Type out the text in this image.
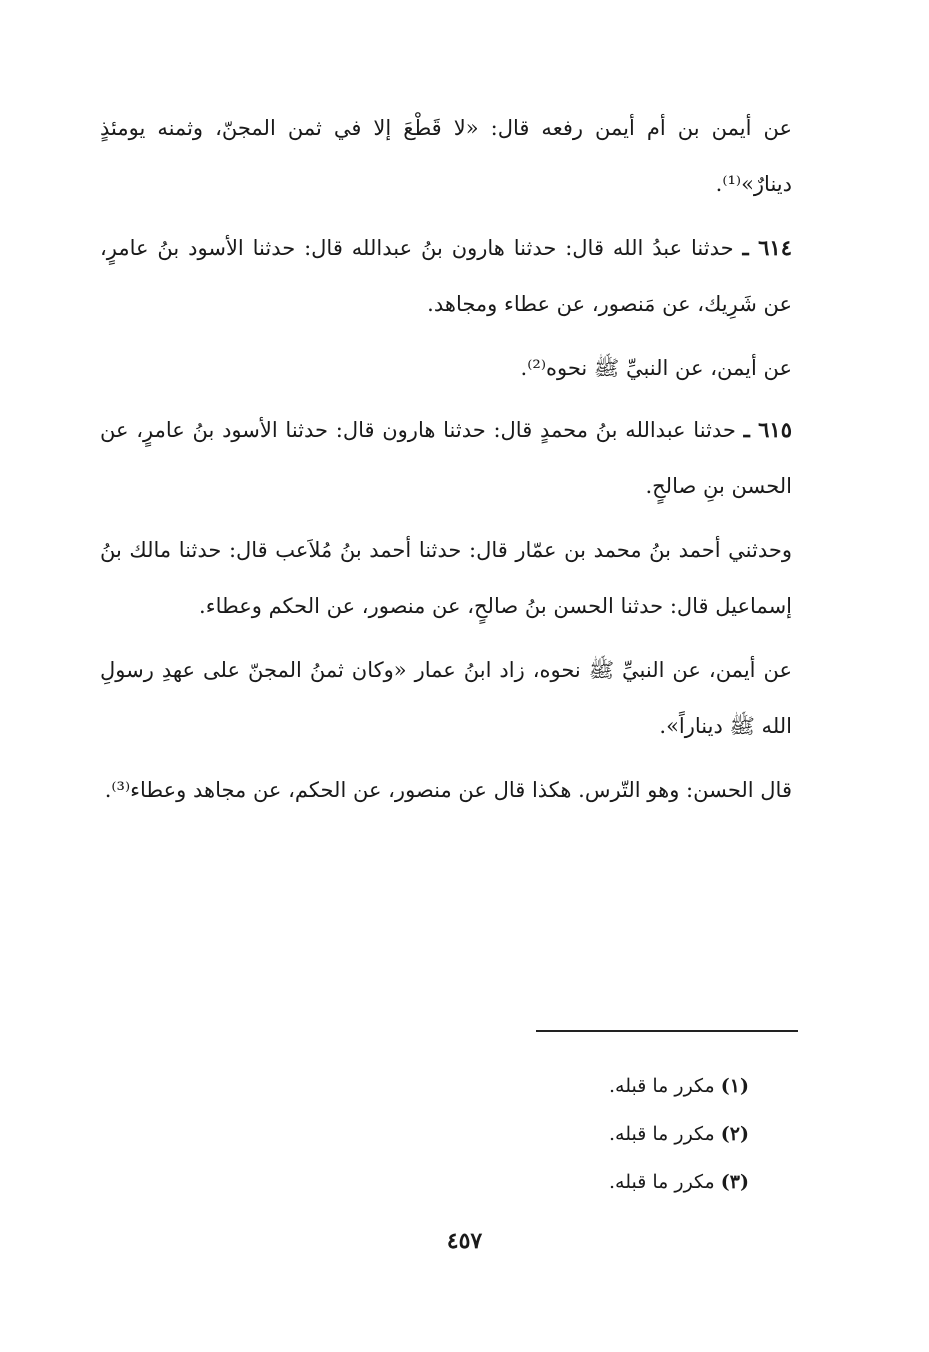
عن أيمن بن أم أيمن رفعه قال: «لا قَطْعَ إلا في ثمن المجنّ، وثمنه يومئذٍ دينارٌ»⁽¹⁾.

٦١٤ ـ حدثنا عبدُ الله قال: حدثنا هارون بنُ عبدالله قال: حدثنا الأسود بنُ عامرٍ، عن شَرِيك، عن مَنصور، عن عطاء ومجاهد.

عن أيمن، عن النبيِّ ﷺ نحوه⁽²⁾.

٦١٥ ـ حدثنا عبدالله بنُ محمدٍ قال: حدثنا هارون قال: حدثنا الأسود بنُ عامرٍ، عن الحسن بنِ صالحٍ.

وحدثني أحمد بنُ محمد بن عمّار قال: حدثنا أحمد بنُ مُلاَعب قال: حدثنا مالك بنُ إسماعيل قال: حدثنا الحسن بنُ صالحٍ، عن منصور، عن الحكم وعطاء.

عن أيمن، عن النبيِّ ﷺ نحوه، زاد ابنُ عمار «وكان ثمنُ المجنّ على عهدِ رسولِ الله ﷺ ديناراً».

قال الحسن: وهو التّرس. هكذا قال عن منصور، عن الحكم، عن مجاهد وعطاء⁽³⁾.

(١) مكرر ما قبله.

(٢) مكرر ما قبله.

(٣) مكرر ما قبله.

٤٥٧
